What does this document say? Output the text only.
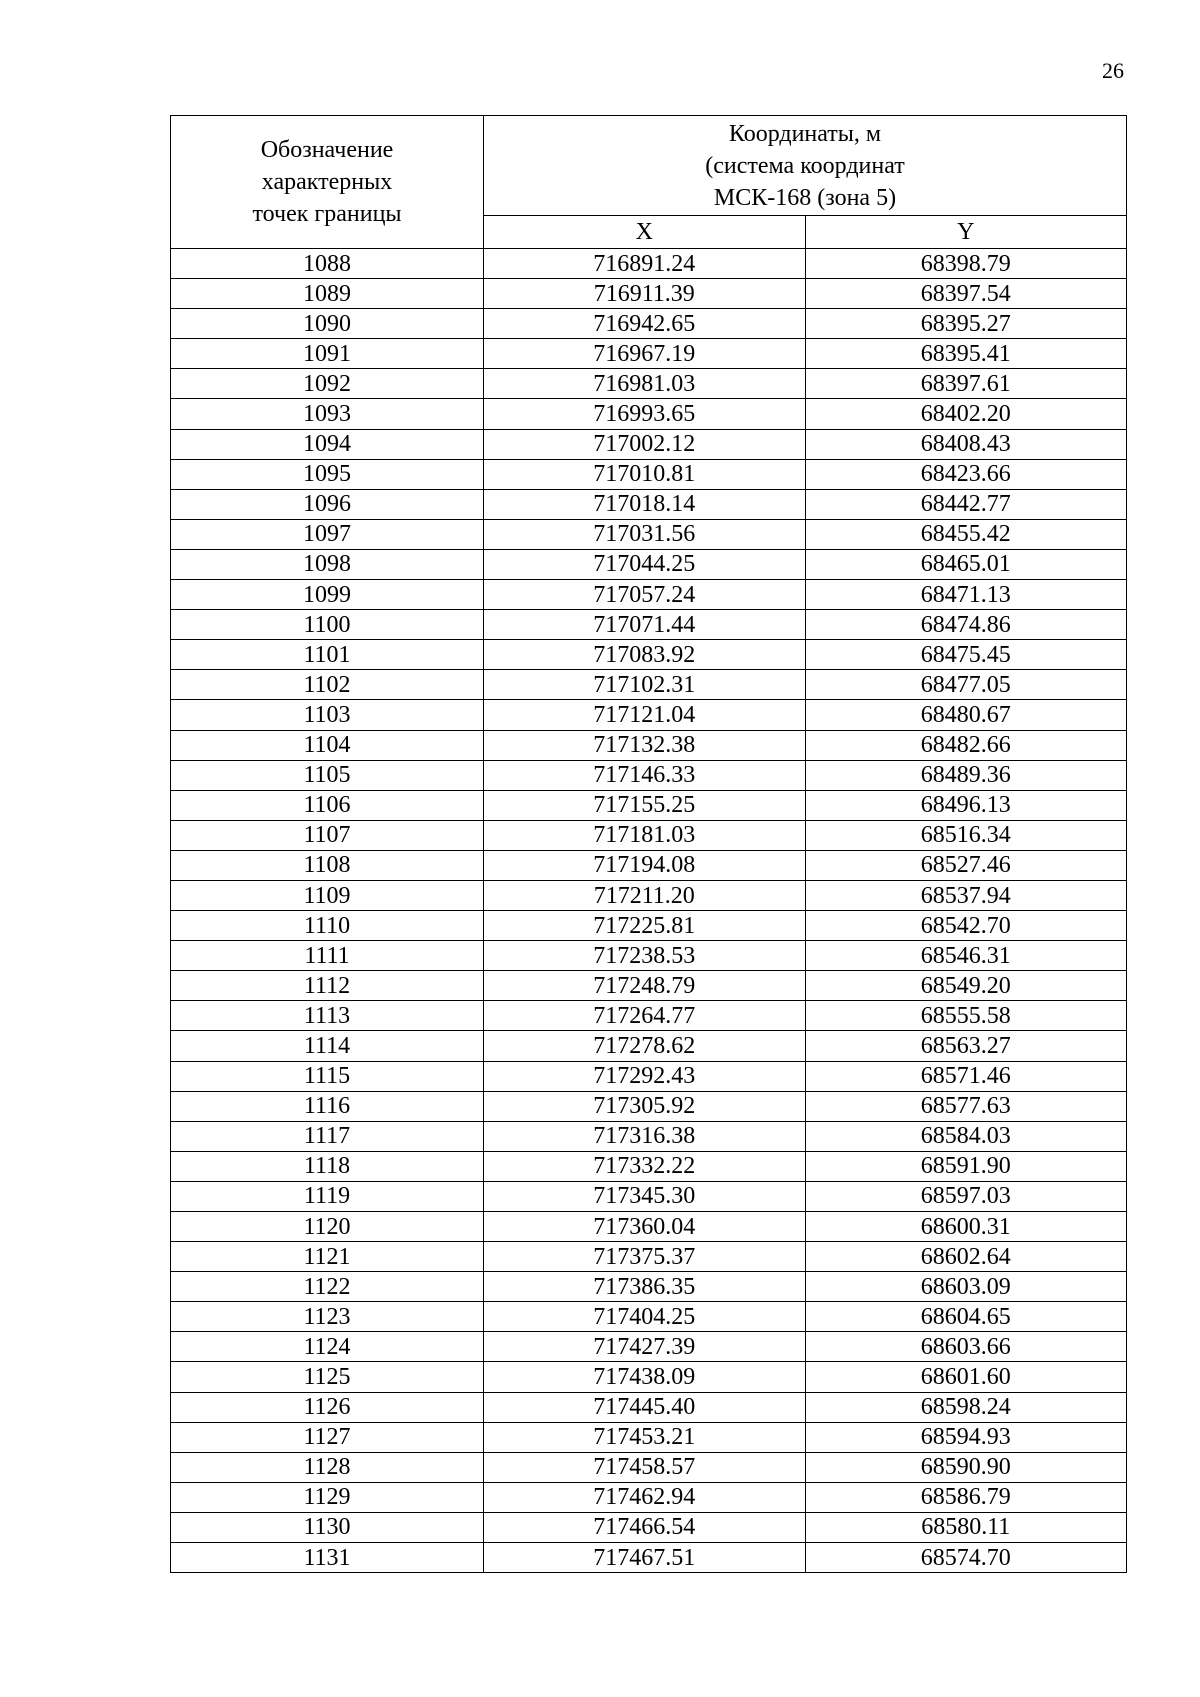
26
Обозначение
характерных
точек границы	Координаты, м
(система координат
МСК-168 (зона 5)	

	X	Y
1088	716891.24	68398.79
1089	716911.39	68397.54
1090	716942.65	68395.27
1091	716967.19	68395.41
1092	716981.03	68397.61
1093	716993.65	68402.20
1094	717002.12	68408.43
1095	717010.81	68423.66
1096	717018.14	68442.77
1097	717031.56	68455.42
1098	717044.25	68465.01
1099	717057.24	68471.13
1100	717071.44	68474.86
1101	717083.92	68475.45
1102	717102.31	68477.05
1103	717121.04	68480.67
1104	717132.38	68482.66
1105	717146.33	68489.36
1106	717155.25	68496.13
1107	717181.03	68516.34
1108	717194.08	68527.46
1109	717211.20	68537.94
1110	717225.81	68542.70
1111	717238.53	68546.31
1112	717248.79	68549.20
1113	717264.77	68555.58
1114	717278.62	68563.27
1115	717292.43	68571.46
1116	717305.92	68577.63
1117	717316.38	68584.03
1118	717332.22	68591.90
1119	717345.30	68597.03
1120	717360.04	68600.31
1121	717375.37	68602.64
1122	717386.35	68603.09
1123	717404.25	68604.65
1124	717427.39	68603.66
1125	717438.09	68601.60
1126	717445.40	68598.24
1127	717453.21	68594.93
1128	717458.57	68590.90
1129	717462.94	68586.79
1130	717466.54	68580.11
1131	717467.51	68574.70
